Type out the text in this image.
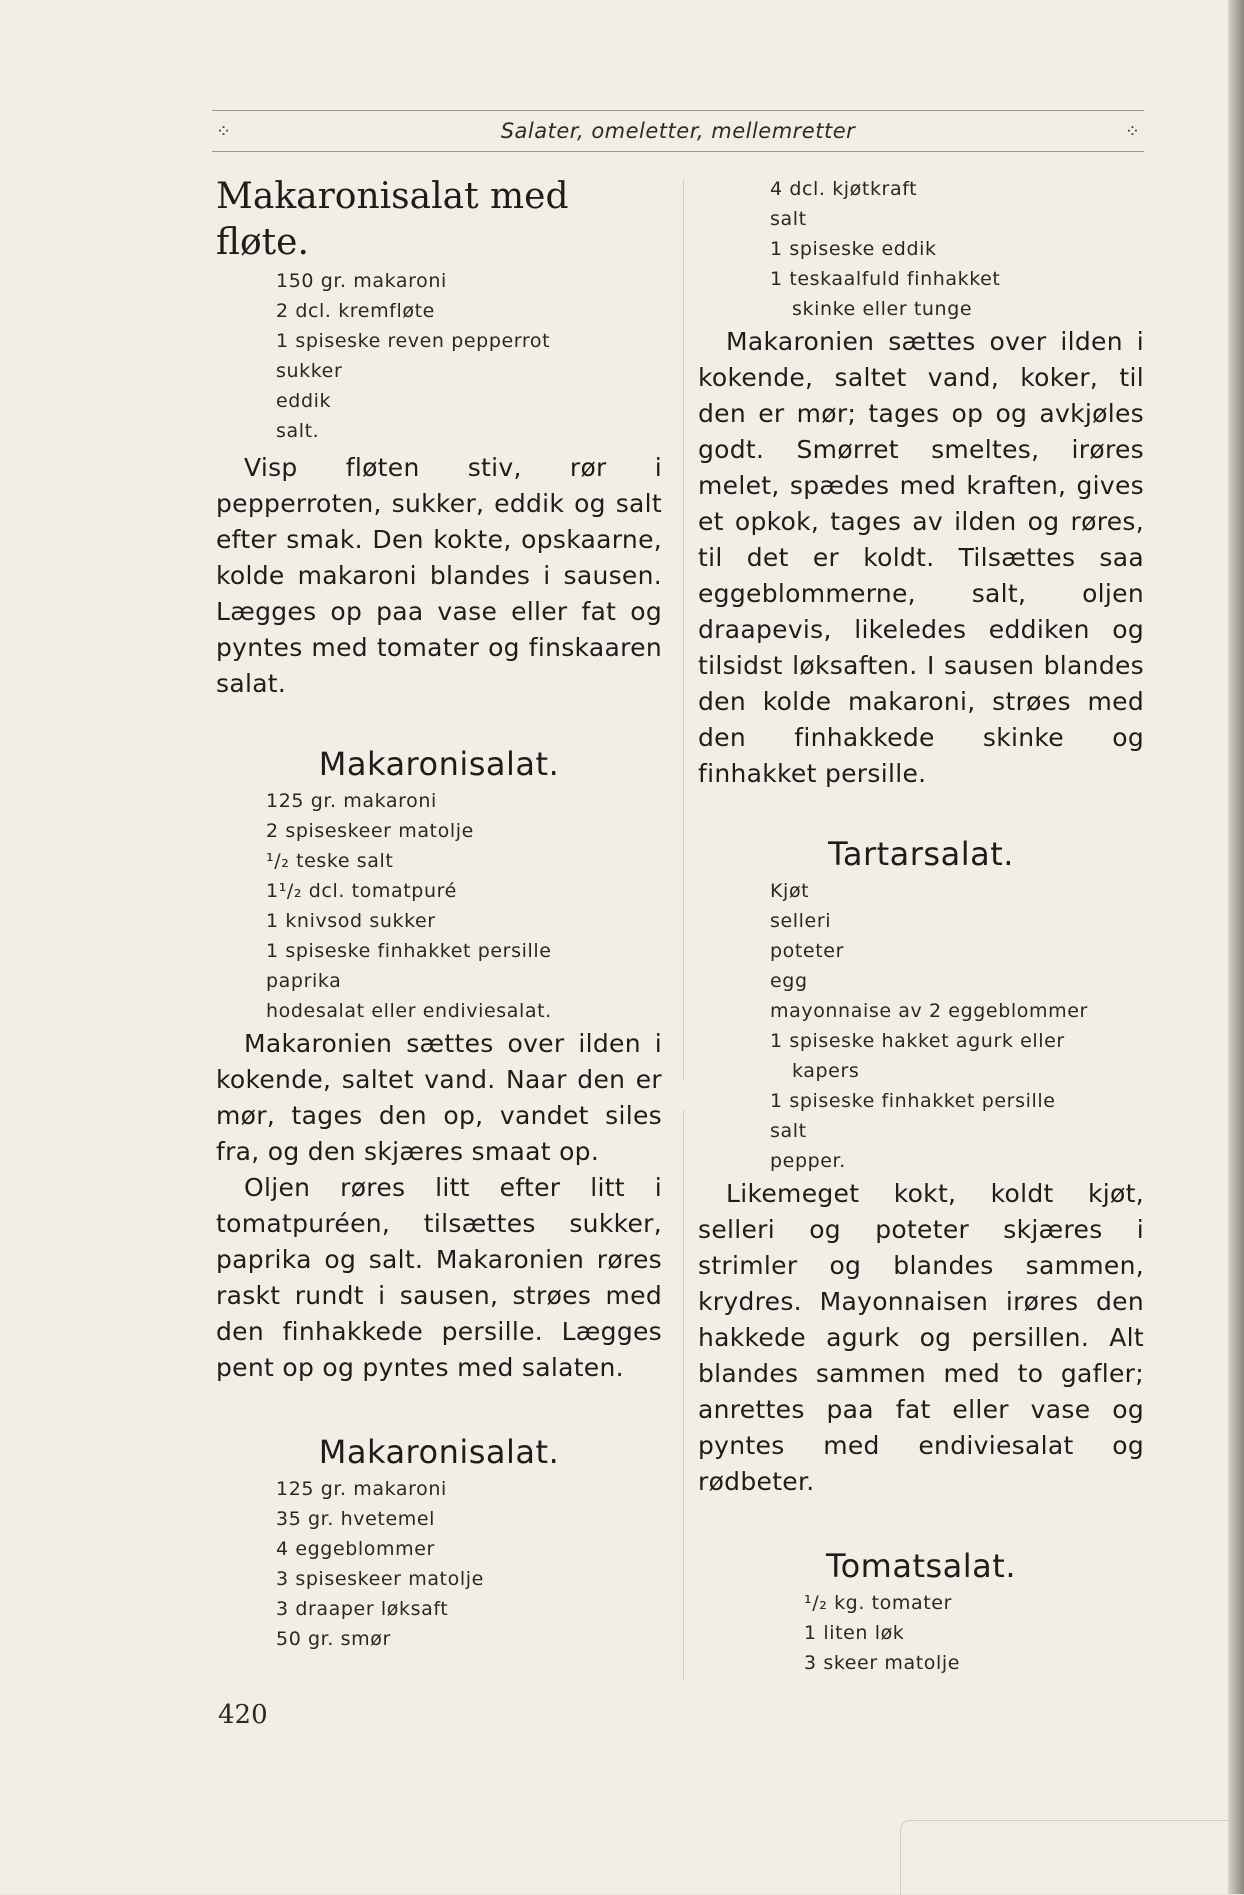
⁘	Salater, omeletter, mellemretter	⁘
Makaronisalat med fløte.
150 gr. makaroni
2 dcl. kremfløte
1 spiseske reven pepperrot
sukker
eddik
salt.

Visp fløten stiv, rør i pepperroten, sukker, eddik og salt efter smak. Den kokte, opskaarne, kolde makaroni blandes i sausen. Lægges op paa vase eller fat og pyntes med tomater og finskaaren salat.

Makaronisalat.
125 gr. makaroni
2 spiseskeer matolje
¹/₂ teske salt
1¹/₂ dcl. tomatpuré
1 knivsod sukker
1 spiseske finhakket persille
paprika
hodesalat eller endiviesalat.

Makaronien sættes over ilden i kokende, saltet vand. Naar den er mør, tages den op, vandet siles fra, og den skjæres smaat op.

Oljen røres litt efter litt i tomatpuréen, tilsættes sukker, paprika og salt. Makaronien røres raskt rundt i sausen, strøes med den finhakkede persille. Lægges pent op og pyntes med salaten.

Makaronisalat.
125 gr. makaroni
35 gr. hvetemel
4 eggeblommer
3 spiseskeer matolje
3 draaper løksaft
50 gr. smør
4 dcl. kjøtkraft
salt
1 spiseske eddik
1 teskaalfuld finhakket
skinke eller tunge

Makaronien sættes over ilden i kokende, saltet vand, koker, til den er mør; tages op og avkjøles godt. Smørret smeltes, irøres melet, spædes med kraften, gives et opkok, tages av ilden og røres, til det er koldt. Tilsættes saa eggeblommerne, salt, oljen draapevis, likeledes eddiken og tilsidst løksaften. I sausen blandes den kolde makaroni, strøes med den finhakkede skinke og finhakket persille.

Tartarsalat.
Kjøt
selleri
poteter
egg
mayonnaise av 2 eggeblommer
1 spiseske hakket agurk eller
kapers
1 spiseske finhakket persille
salt
pepper.

Likemeget kokt, koldt kjøt, selleri og poteter skjæres i strimler og blandes sammen, krydres. Mayonnaisen irøres den hakkede agurk og persillen. Alt blandes sammen med to gafler; anrettes paa fat eller vase og pyntes med endiviesalat og rødbeter.

Tomatsalat.
¹/₂ kg. tomater
1 liten løk
3 skeer matolje
420
